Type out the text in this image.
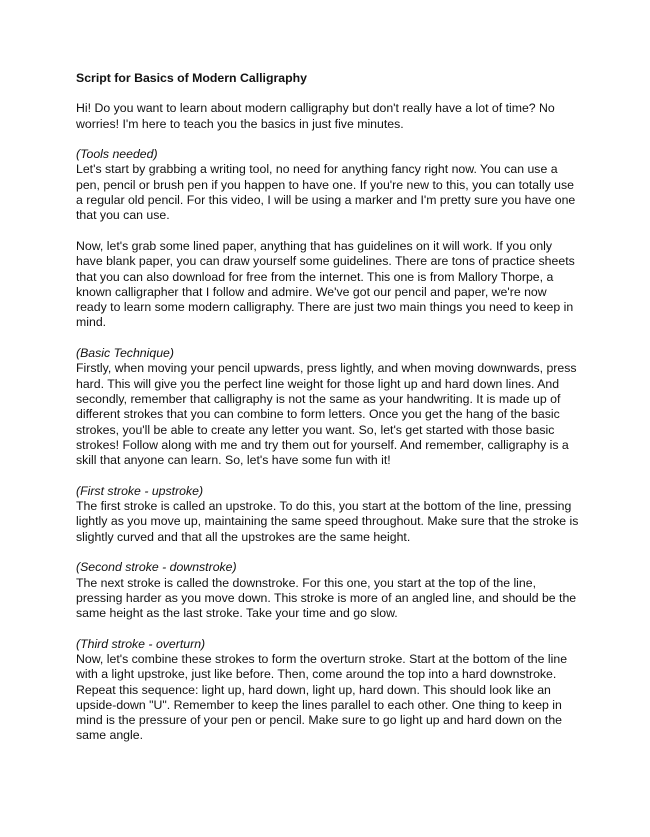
Script for Basics of Modern Calligraphy

Hi! Do you want to learn about modern calligraphy but don't really have a lot of time? No worries! I'm here to teach you the basics in just five minutes.

(Tools needed)
Let's start by grabbing a writing tool, no need for anything fancy right now. You can use a pen, pencil or brush pen if you happen to have one. If you're new to this, you can totally use a regular old pencil. For this video, I will be using a marker and I'm pretty sure you have one that you can use.
Now, let's grab some lined paper, anything that has guidelines on it will work. If you only have blank paper, you can draw yourself some guidelines. There are tons of practice sheets that you can also download for free from the internet. This one is from Mallory Thorpe, a known calligrapher that I follow and admire. We've got our pencil and paper, we're now ready to learn some modern calligraphy. There are just two main things you need to keep in mind.
(Basic Technique)
Firstly, when moving your pencil upwards, press lightly, and when moving downwards, press hard. This will give you the perfect line weight for those light up and hard down lines. And secondly, remember that calligraphy is not the same as your handwriting. It is made up of different strokes that you can combine to form letters. Once you get the hang of the basic strokes, you'll be able to create any letter you want. So, let's get started with those basic strokes! Follow along with me and try them out for yourself. And remember, calligraphy is a skill that anyone can learn. So, let's have some fun with it!
(First stroke - upstroke)
The first stroke is called an upstroke. To do this, you start at the bottom of the line, pressing lightly as you move up, maintaining the same speed throughout. Make sure that the stroke is slightly curved and that all the upstrokes are the same height.
(Second stroke - downstroke)
The next stroke is called the downstroke. For this one, you start at the top of the line, pressing harder as you move down. This stroke is more of an angled line, and should be the same height as the last stroke. Take your time and go slow.
(Third stroke - overturn)
Now, let's combine these strokes to form the overturn stroke. Start at the bottom of the line with a light upstroke, just like before. Then, come around the top into a hard downstroke. Repeat this sequence: light up, hard down, light up, hard down. This should look like an upside-down "U". Remember to keep the lines parallel to each other. One thing to keep in mind is the pressure of your pen or pencil. Make sure to go light up and hard down on the same angle.
